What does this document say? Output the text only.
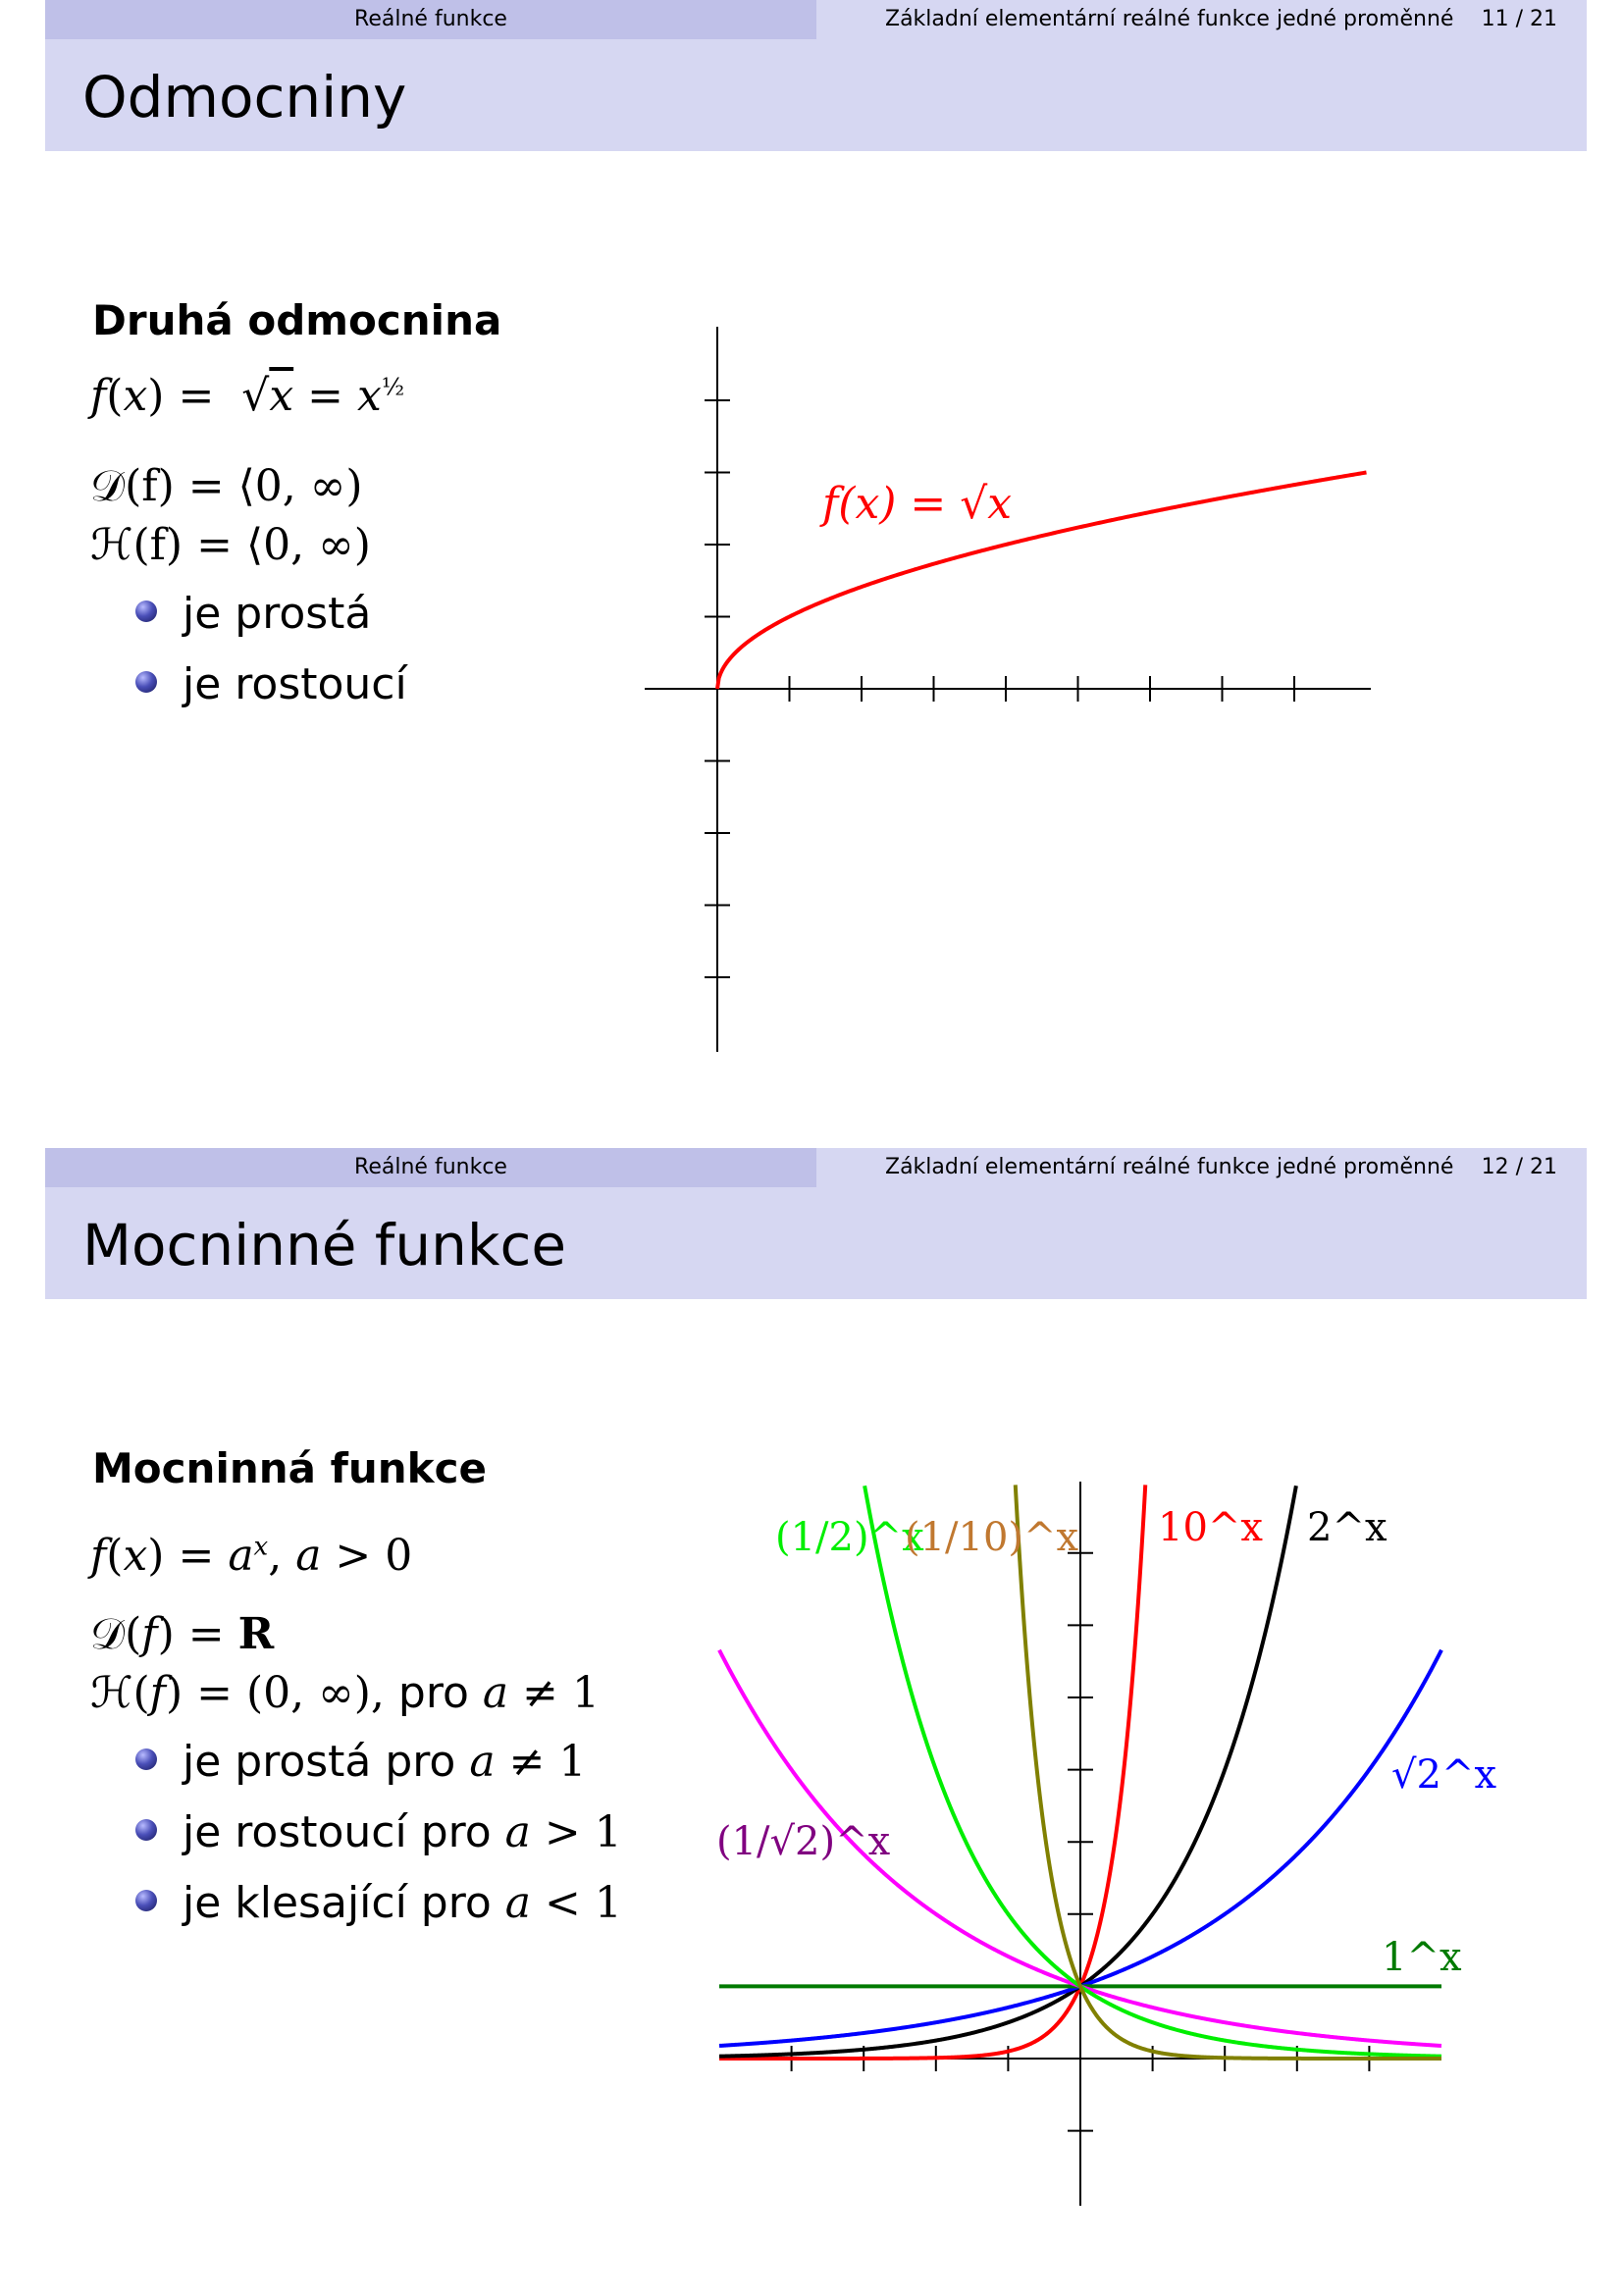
Reálné funkce	Základní elementární reálné funkce jedné proměnné 11 / 21
Odmocniny
Druhá odmocnina
$f(x) = √x = x^{\frac{1}{2}}$
𝒟(f) = ⟨0, ∞)
ℋ(f) = ⟨0, ∞)
je prostá
je rostoucí
f(x) = √x
Reálné funkce	Základní elementární reálné funkce jedné proměnné 12 / 21
Mocninné funkce
Mocninná funkce
$f(x) = a^x$, a > 0
𝒟(f) = R
ℋ(f) = (0, ∞), pro a ≠ 1
je prostá pro a ≠ 1
je rostoucí pro a > 1
je klesající pro a < 1
10^x 2^x
√2^x
1^x
(1/√2)^x
(1/2)^x
(1/10)^x
